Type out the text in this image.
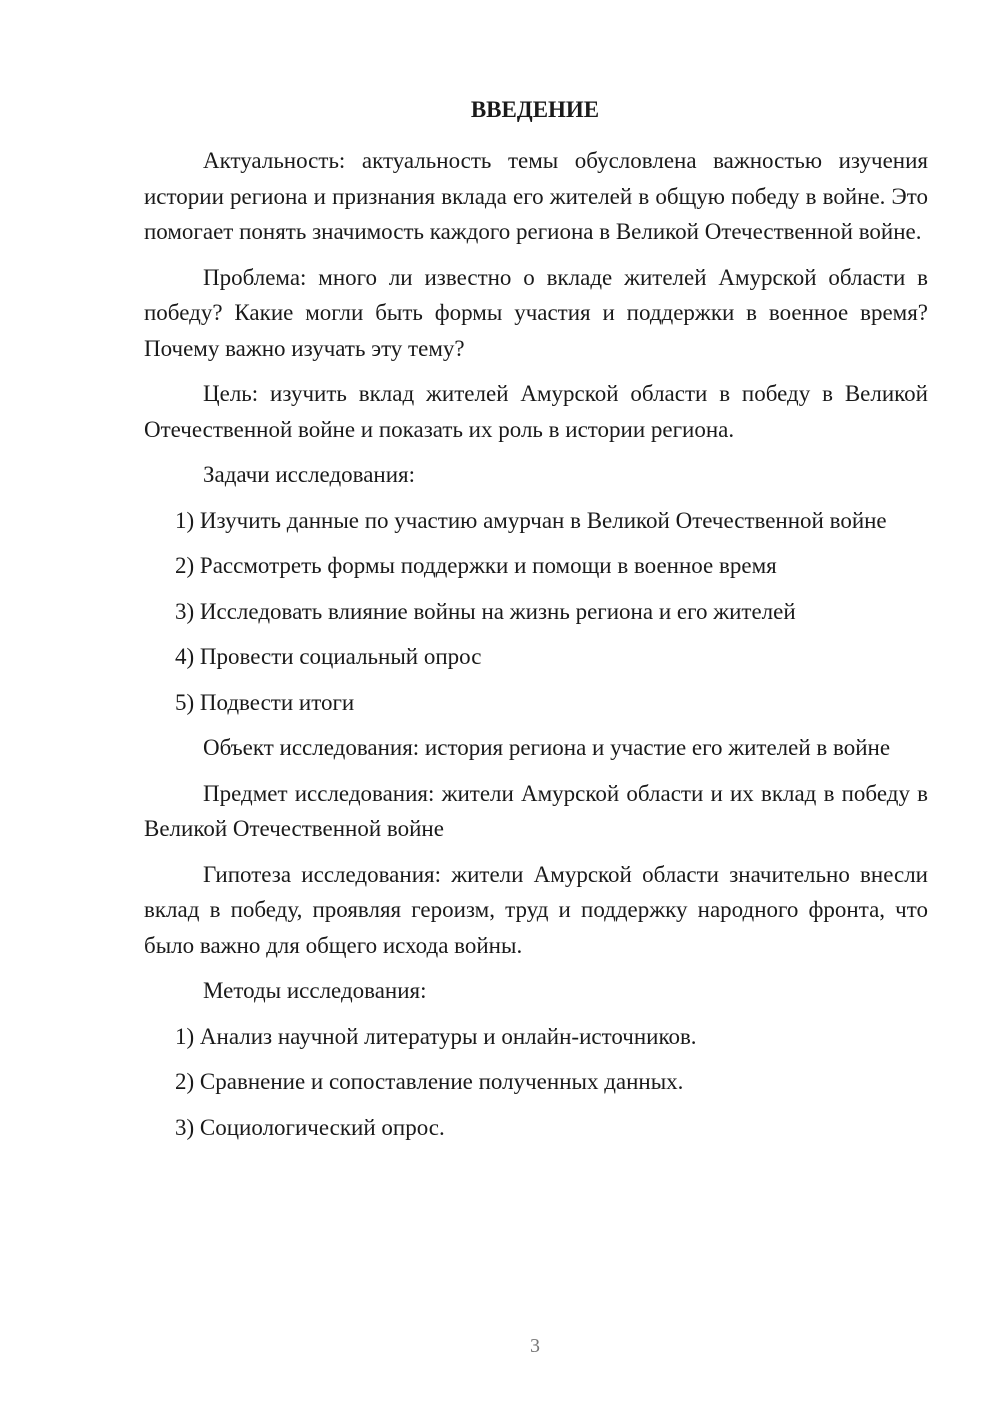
ВВЕДЕНИЕ

Актуальность: актуальность темы обусловлена важностью изучения истории региона и признания вклада его жителей в общую победу в войне. Это помогает понять значимость каждого региона в Великой Отечественной войне.

Проблема: много ли известно о вкладе жителей Амурской области в победу? Какие могли быть формы участия и поддержки в военное время? Почему важно изучать эту тему?

Цель: изучить вклад жителей Амурской области в победу в Великой Отечественной войне и показать их роль в истории региона.

Задачи исследования:

1) Изучить данные по участию амурчан в Великой Отечественной войне

2) Рассмотреть формы поддержки и помощи в военное время

3) Исследовать влияние войны на жизнь региона и его жителей

4) Провести социальный опрос

5) Подвести итоги

Объект исследования: история региона и участие его жителей в войне

Предмет исследования: жители Амурской области и их вклад в победу в Великой Отечественной войне

Гипотеза исследования: жители Амурской области значительно внесли вклад в победу, проявляя героизм, труд и поддержку народного фронта, что было важно для общего исхода войны.

Методы исследования:

1) Анализ научной литературы и онлайн-источников.

2) Сравнение и сопоставление полученных данных.

3) Социологический опрос.

3
